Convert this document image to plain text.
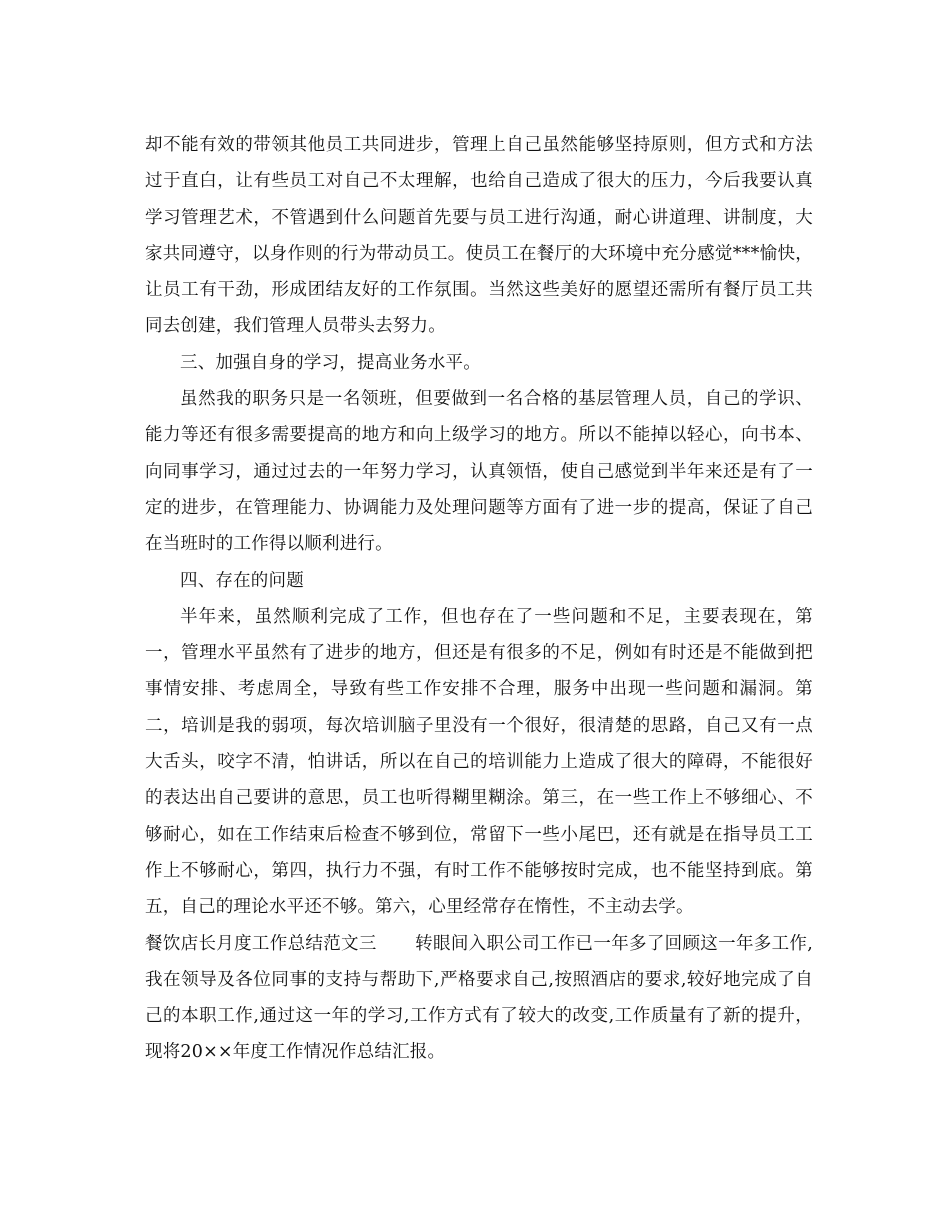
却不能有效的带领其他员工共同进步，管理上自己虽然能够坚持原则，但方式和方法过于直白，让有些员工对自己不太理解，也给自己造成了很大的压力，今后我要认真学习管理艺术，不管遇到什么问题首先要与员工进行沟通，耐心讲道理、讲制度，大家共同遵守，以身作则的行为带动员工。使员工在餐厅的大环境中充分感觉***愉快，让员工有干劲，形成团结友好的工作氛围。当然这些美好的愿望还需所有餐厅员工共同去创建，我们管理人员带头去努力。

三、加强自身的学习，提高业务水平。

虽然我的职务只是一名领班，但要做到一名合格的基层管理人员，自己的学识、能力等还有很多需要提高的地方和向上级学习的地方。所以不能掉以轻心，向书本、向同事学习，通过过去的一年努力学习，认真领悟，使自己感觉到半年来还是有了一定的进步，在管理能力、协调能力及处理问题等方面有了进一步的提高，保证了自己在当班时的工作得以顺利进行。

四、存在的问题

半年来，虽然顺利完成了工作，但也存在了一些问题和不足，主要表现在，第一，管理水平虽然有了进步的地方，但还是有很多的不足，例如有时还是不能做到把事情安排、考虑周全，导致有些工作安排不合理，服务中出现一些问题和漏洞。第二，培训是我的弱项，每次培训脑子里没有一个很好，很清楚的思路，自己又有一点大舌头，咬字不清，怕讲话，所以在自己的培训能力上造成了很大的障碍，不能很好的表达出自己要讲的意思，员工也听得糊里糊涂。第三，在一些工作上不够细心、不够耐心，如在工作结束后检查不够到位，常留下一些小尾巴，还有就是在指导员工工作上不够耐心，第四，执行力不强，有时工作不能够按时完成，也不能坚持到底。第五，自己的理论水平还不够。第六，心里经常存在惰性，不主动去学。

餐饮店长月度工作总结范文三 转眼间入职公司工作已一年多了回顾这一年多工作,我在领导及各位同事的支持与帮助下,严格要求自己,按照酒店的要求,较好地完成了自己的本职工作,通过这一年的学习,工作方式有了较大的改变,工作质量有了新的提升， 现将20××年度工作情况作总结汇报。
